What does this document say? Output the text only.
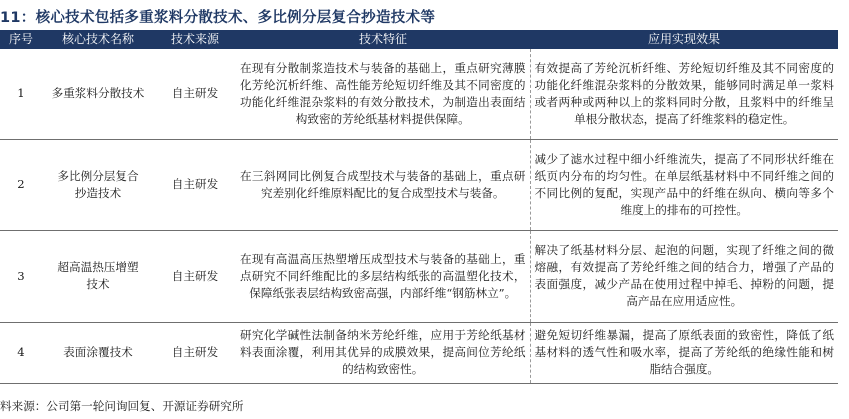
11：核心技术包括多重浆料分散技术、多比例分层复合抄造技术等
序号	核心技术名称	技术来源	技术特征	应用实现效果
1	多重浆料分散技术	自主研发	在现有分散制浆造技术与装备的基础上，重点研究薄膜化芳纶沉析纤维、高性能芳纶短切纤维及其不同密度的功能化纤维混杂浆料的有效分散技术，为制造出表面结构致密的芳纶纸基材料提供保障。	有效提高了芳纶沉析纤维、芳纶短切纤维及其不同密度的功能化纤维混杂浆料的分散效果，能够同时满足单一浆料或者两种或两种以上的浆料同时分散，且浆料中的纤维呈单根分散状态，提高了纤维浆料的稳定性。
2	多比例分层复合抄造技术	自主研发	在三斜网同比例复合成型技术与装备的基础上，重点研究差别化纤维原料配比的复合成型技术与装备。	减少了滤水过程中细小纤维流失，提高了不同形状纤维在纸页内分布的均匀性。在单层纸基材料中不同纤维之间的不同比例的复配，实现产品中的纤维在纵向、横向等多个维度上的排布的可控性。
3	超高温热压增塑技术	自主研发	在现有高温高压热塑增压成型技术与装备的基础上，重点研究不同纤维配比的多层结构纸张的高温塑化技术，保障纸张表层结构致密高强，内部纤维“钢筋林立”。	解决了纸基材料分层、起泡的问题，实现了纤维之间的微熔融，有效提高了芳纶纤维之间的结合力，增强了产品的表面强度，减少产品在使用过程中掉毛、掉粉的问题，提高产品在应用适应性。
4	表面涂覆技术	自主研发	研究化学碱性法制备纳米芳纶纤维，应用于芳纶纸基材料表面涂覆，利用其优异的成膜效果，提高间位芳纶纸的结构致密性。	避免短切纤维暴漏，提高了原纸表面的致密性，降低了纸基材料的透气性和吸水率，提高了芳纶纸的绝缘性能和树脂结合强度。
料来源：公司第一轮问询回复、开源证券研究所
